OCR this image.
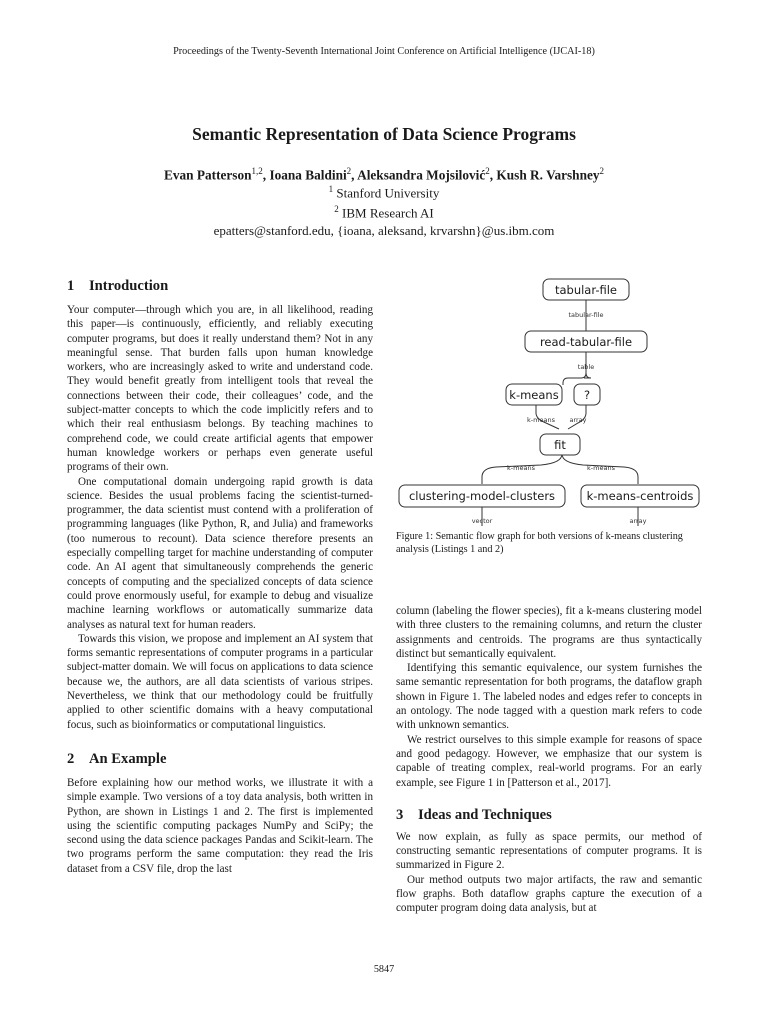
Proceedings of the Twenty-Seventh International Joint Conference on Artificial Intelligence (IJCAI-18)
Semantic Representation of Data Science Programs
Evan Patterson$^{1,2}$, Ioana Baldini$^2$, Aleksandra Mojsilović$^2$, Kush R. Varshney$^2$
$^1$ Stanford University
$^2$ IBM Research AI
epatters@stanford.edu, {ioana, aleksand, krvarshn}@us.ibm.com
1 Introduction

Your computer—through which you are, in all likelihood, reading this paper—is continuously, efficiently, and reliably executing computer programs, but does it really understand them? Not in any meaningful sense. That burden falls upon human knowledge workers, who are increasingly asked to write and understand code. They would benefit greatly from intelligent tools that reveal the connections between their code, their colleagues’ code, and the subject-matter concepts to which the code implicitly refers and to which their real enthusiasm belongs. By teaching machines to comprehend code, we could create artificial agents that empower human knowledge workers or perhaps even generate useful programs of their own.

One computational domain undergoing rapid growth is data science. Besides the usual problems facing the scientist-turned-programmer, the data scientist must contend with a proliferation of programming languages (like Python, R, and Julia) and frameworks (too numerous to recount). Data science therefore presents an especially compelling target for machine understanding of computer code. An AI agent that simultaneously comprehends the generic concepts of computing and the specialized concepts of data science could prove enormously useful, for example to debug and visualize machine learning workflows or automatically summarize data analyses as natural text for human readers.

Towards this vision, we propose and implement an AI system that forms semantic representations of computer programs in a particular subject-matter domain. We will focus on applications to data science because we, the authors, are all data scientists of various stripes. Nevertheless, we think that our methodology could be fruitfully applied to other scientific domains with a heavy computational focus, such as bioinformatics or computational linguistics.

2 An Example

Before explaining how our method works, we illustrate it with a simple example. Two versions of a toy data analysis, both written in Python, are shown in Listings 1 and 2. The first is implemented using the scientific computing packages NumPy and SciPy; the second using the data science packages Pandas and Scikit-learn. The two programs perform the same computation: they read the Iris dataset from a CSV file, drop the last

tabular-file
read-tabular-file
k-means ?
fit
clustering-model-clusters	k-means-centroids
tabular-file
table
k-means array
k-means	k-means
vector	array
Figure 1: Semantic flow graph for both versions of k-means clustering analysis (Listings 1 and 2)

column (labeling the flower species), fit a k-means clustering model with three clusters to the remaining columns, and return the cluster assignments and centroids. The programs are thus syntactically distinct but semantically equivalent.

Identifying this semantic equivalence, our system furnishes the same semantic representation for both programs, the dataflow graph shown in Figure 1. The labeled nodes and edges refer to concepts in an ontology. The node tagged with a question mark refers to code with unknown semantics.

We restrict ourselves to this simple example for reasons of space and good pedagogy. However, we emphasize that our system is capable of treating complex, real-world programs. For an early example, see Figure 1 in [Patterson et al., 2017].

3 Ideas and Techniques

We now explain, as fully as space permits, our method of constructing semantic representations of computer programs. It is summarized in Figure 2.

Our method outputs two major artifacts, the raw and semantic flow graphs. Both dataflow graphs capture the execution of a computer program doing data analysis, but at

5847
